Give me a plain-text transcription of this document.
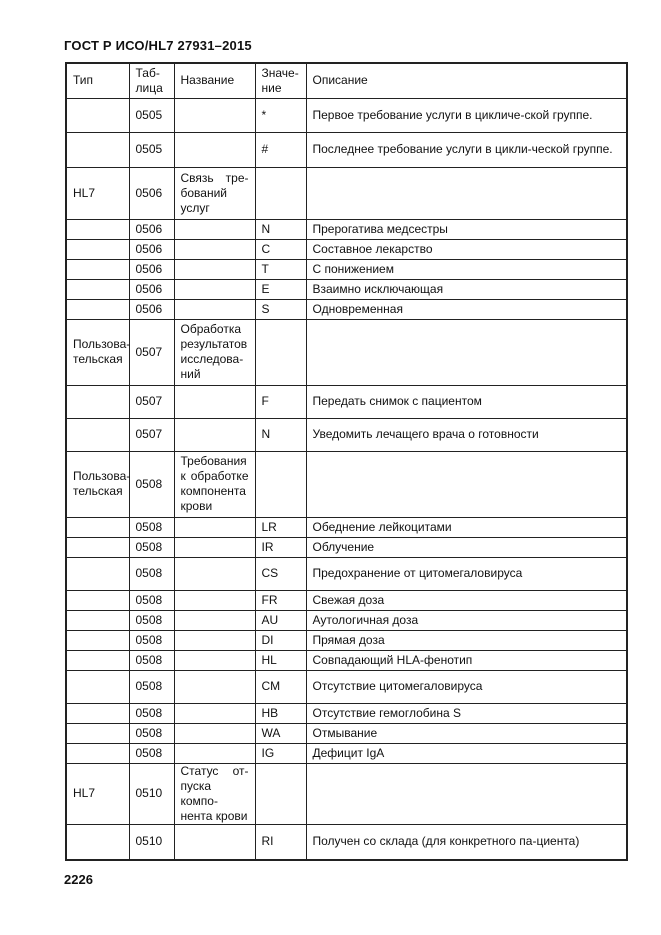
ГОСТ Р ИСО/HL7 27931–2015
Тип	Таб-лица	Название	Значе-ние	Описание
	0505		*	Первое требование услуги в цикличе-ской группе.
	0505		#	Последнее требование услуги в цикли-ческой группе.
HL7	0506	Связь тре-бований услуг		
	0506		N	Прерогатива медсестры
	0506		C	Составное лекарство
	0506		T	С понижением
	0506		E	Взаимно исключающая
	0506		S	Одновременная
Пользова-тельская	0507	Обработка результатов исследова-ний		
	0507		F	Передать снимок с пациентом
	0507		N	Уведомить лечащего врача о готовности
Пользова-тельская	0508	Требования к обработке компонента крови		
	0508		LR	Обеднение лейкоцитами
	0508		IR	Облучение
	0508		CS	Предохранение от цитомегаловируса
	0508		FR	Свежая доза
	0508		AU	Аутологичная доза
	0508		DI	Прямая доза
	0508		HL	Совпадающий HLA-фенотип
	0508		CM	Отсутствие цитомегаловируса
	0508		HB	Отсутствие гемоглобина S
	0508		WA	Отмывание
	0508		IG	Дефицит IgA
HL7	0510	Статус от-пуска компо-нента крови		
	0510		RI	Получен со склада (для конкретного па-циента)
2226
